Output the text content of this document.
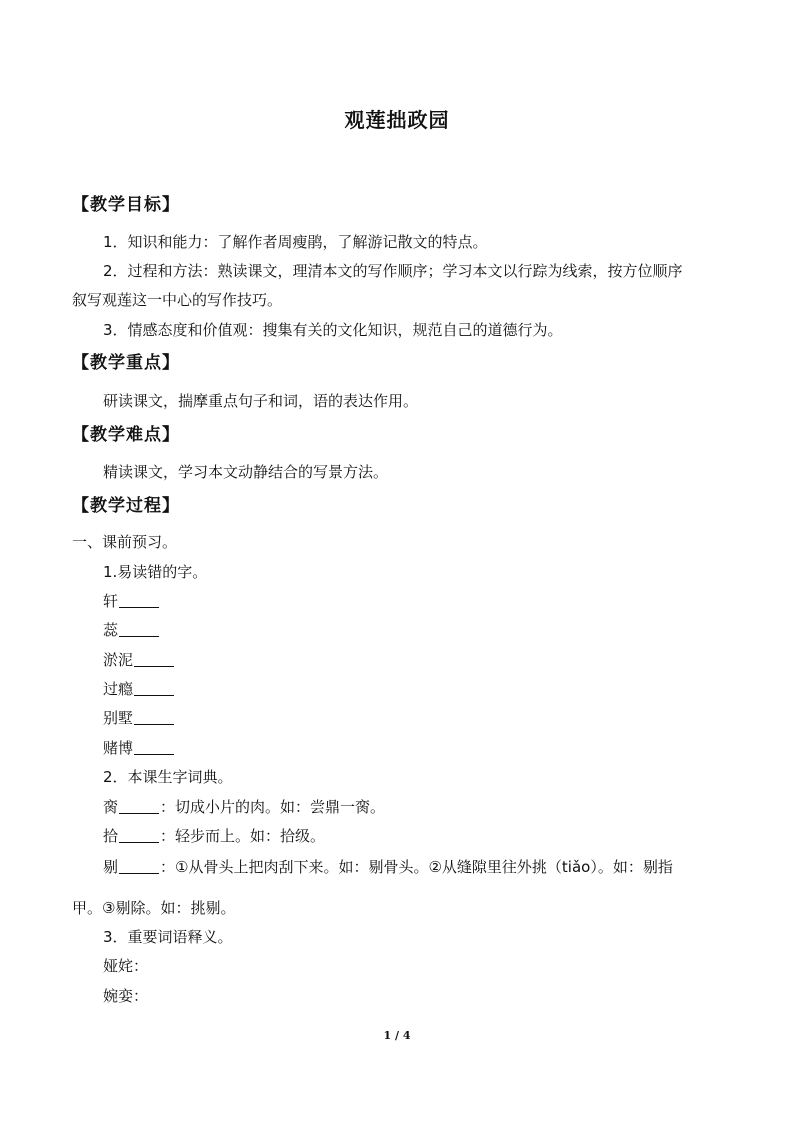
观莲拙政园
【教学目标】
1．知识和能力：了解作者周瘦鹃，了解游记散文的特点。
2．过程和方法：熟读课文，理清本文的写作顺序；学习本文以行踪为线索，按方位顺序
叙写观莲这一中心的写作技巧。
3．情感态度和价值观：搜集有关的文化知识，规范自己的道德行为。
【教学重点】
研读课文，揣摩重点句子和词，语的表达作用。
【教学难点】
精读课文，学习本文动静结合的写景方法。
【教学过程】
一、课前预习。
1.易读错的字。
轩
蕊
淤泥
过瘾
别墅
赌博
2．本课生字词典。
脔	：切成小片的肉。如：尝鼎一脔。
拾	：轻步而上。如：拾级。
剔	：①从骨头上把肉刮下来。如：剔骨头。②从缝隙里往外挑（tiǎo）。如：剔指
甲。③剔除。如：挑剔。
3．重要词语释义。
娅姹：
婉娈：
1 / 4
